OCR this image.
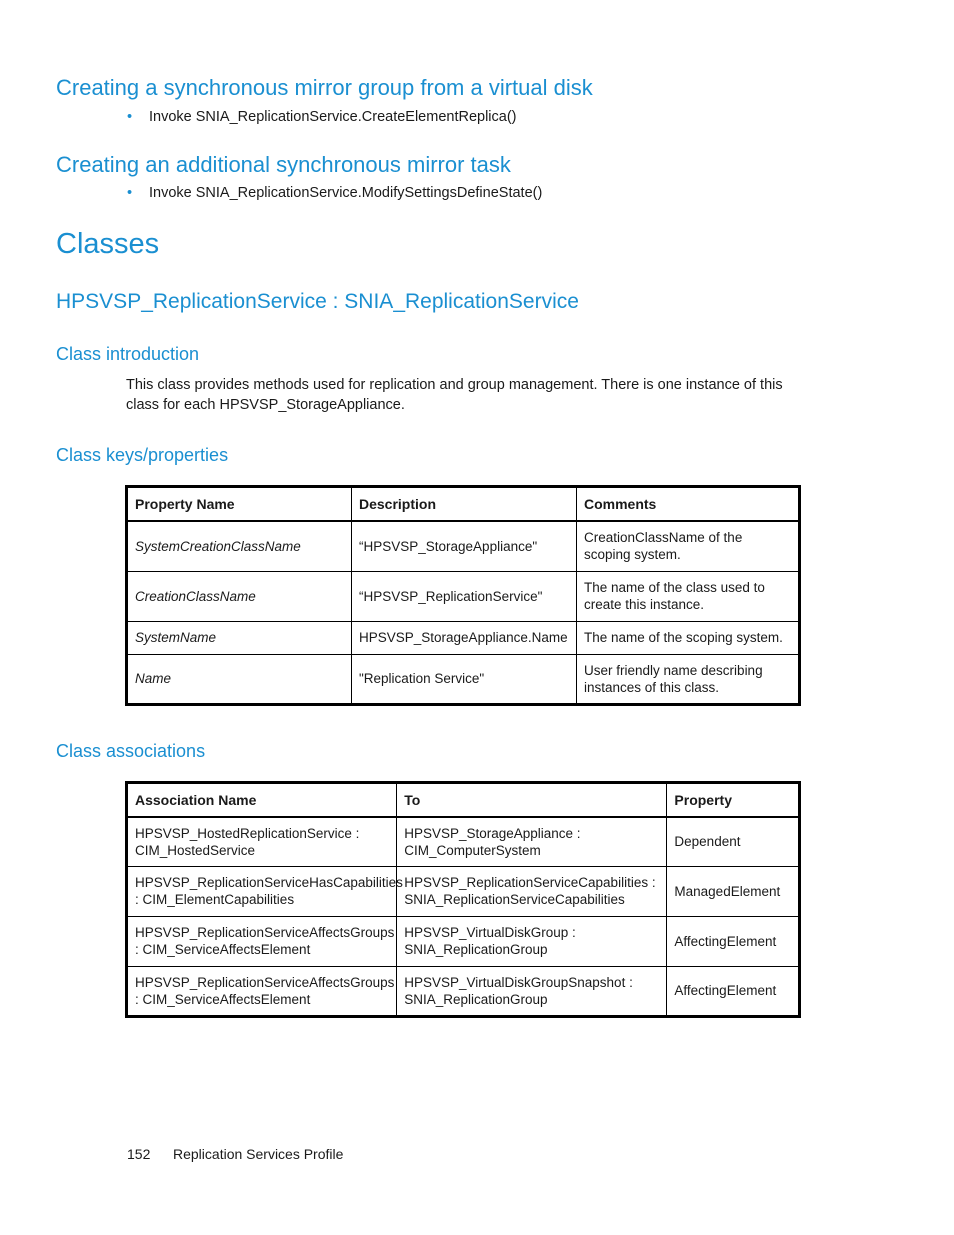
Creating a synchronous mirror group from a virtual disk
• Invoke SNIA_ReplicationService.CreateElementReplica()
Creating an additional synchronous mirror task
• Invoke SNIA_ReplicationService.ModifySettingsDefineState()
Classes
HPSVSP_ReplicationService : SNIA_ReplicationService
Class introduction

This class provides methods used for replication and group management. There is one instance of this class for each HPSVSP_StorageAppliance.

Class keys/properties
Property Name	Description	Comments
SystemCreationClassName	“HPSVSP_StorageAppliance"	CreationClassName of the scoping system.
CreationClassName	“HPSVSP_ReplicationService"	The name of the class used to create this instance.
SystemName	HPSVSP_StorageAppliance.Name	The name of the scoping system.
Name	"Replication Service"	User friendly name describing instances of this class.
Class associations
Association Name	To	Property
HPSVSP_HostedReplicationService : CIM_HostedService	HPSVSP_StorageAppliance : CIM_ComputerSystem	Dependent
HPSVSP_ReplicationServiceHasCapabilities : CIM_ElementCapabilities	HPSVSP_ReplicationServiceCapabilities : SNIA_ReplicationServiceCapabilities	ManagedElement
HPSVSP_ReplicationServiceAffectsGroups : CIM_ServiceAffectsElement	HPSVSP_VirtualDiskGroup : SNIA_ReplicationGroup	AffectingElement
HPSVSP_ReplicationServiceAffectsGroups : CIM_ServiceAffectsElement	HPSVSP_VirtualDiskGroupSnapshot : SNIA_ReplicationGroup	AffectingElement
152 Replication Services Profile
